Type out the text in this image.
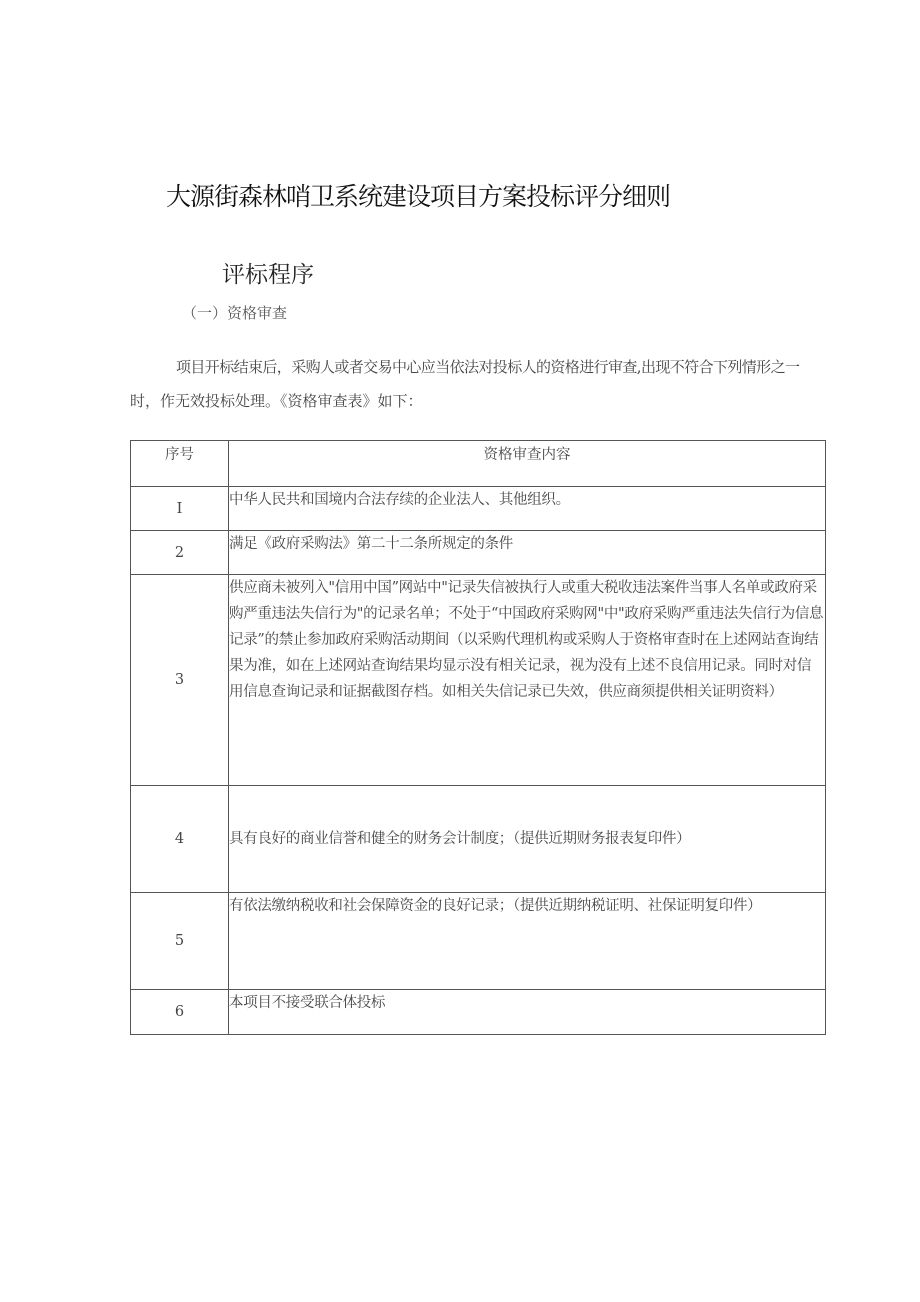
大源街森林哨卫系统建设项目方案投标评分细则
评标程序
（一）资格审查

项目开标结束后，采购人或者交易中心应当依法对投标人的资格进行审查,出现不符合下列情形之一
时，作无效投标处理。《资格审查表》如下：

序号	资格审查内容
I	中华人民共和国境内合法存续的企业法人、其他组织。
2	满足《政府采购法》第二十二条所规定的条件
3	供应商未被列入"信用中国”网站中"记录失信被执行人或重大税收违法案件当事人名单或政府采购严重违法失信行为"的记录名单；不处于“中国政府采购网"中"政府采购严重违法失信行为信息记录”的禁止参加政府采购活动期间（以采购代理机构或采购人于资格审查时在上述网站查询结果为准，如在上述网站查询结果均显示没有相关记录，视为没有上述不良信用记录。同时对信用信息查询记录和证据截图存档。如相关失信记录已失效，供应商须提供相关证明资料）
4	具有良好的商业信誉和健全的财务会计制度；（提供近期财务报表复印件）
5	有依法缴纳税收和社会保障资金的良好记录；（提供近期纳税证明、社保证明复印件）
6	本项目不接受联合体投标
